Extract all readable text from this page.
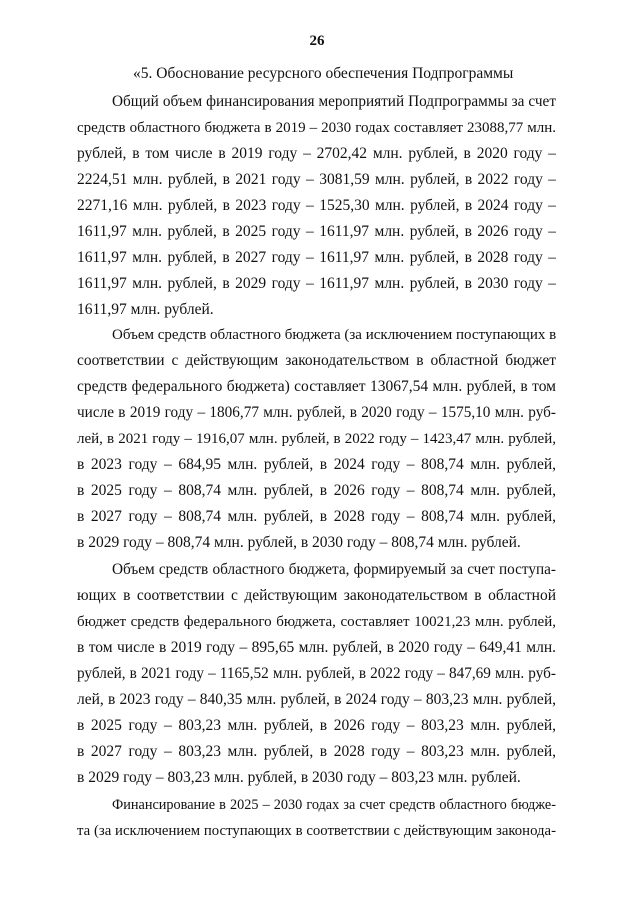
26
«5. Обоснование ресурсного обеспечения Подпрограммы
Общий объем финансирования мероприятий Подпрограммы за счет
средств областного бюджета в 2019 – 2030 годах составляет 23088,77 млн.
рублей, в том числе в 2019 году – 2702,42 млн. рублей, в 2020 году –
2224,51 млн. рублей, в 2021 году – 3081,59 млн. рублей, в 2022 году –
2271,16 млн. рублей, в 2023 году – 1525,30 млн. рублей, в 2024 году –
1611,97 млн. рублей, в 2025 году – 1611,97 млн. рублей, в 2026 году –
1611,97 млн. рублей, в 2027 году – 1611,97 млн. рублей, в 2028 году –
1611,97 млн. рублей, в 2029 году – 1611,97 млн. рублей, в 2030 году –
1611,97 млн. рублей.
Объем средств областного бюджета (за исключением поступающих в
соответствии с действующим законодательством в областной бюджет
средств федерального бюджета) составляет 13067,54 млн. рублей, в том
числе в 2019 году – 1806,77 млн. рублей, в 2020 году – 1575,10 млн. руб-
лей, в 2021 году – 1916,07 млн. рублей, в 2022 году – 1423,47 млн. рублей,
в 2023 году – 684,95 млн. рублей, в 2024 году – 808,74 млн. рублей,
в 2025 году – 808,74 млн. рублей, в 2026 году – 808,74 млн. рублей,
в 2027 году – 808,74 млн. рублей, в 2028 году – 808,74 млн. рублей,
в 2029 году – 808,74 млн. рублей, в 2030 году – 808,74 млн. рублей.
Объем средств областного бюджета, формируемый за счет поступа-
ющих в соответствии с действующим законодательством в областной
бюджет средств федерального бюджета, составляет 10021,23 млн. рублей,
в том числе в 2019 году – 895,65 млн. рублей, в 2020 году – 649,41 млн.
рублей, в 2021 году – 1165,52 млн. рублей, в 2022 году – 847,69 млн. руб-
лей, в 2023 году – 840,35 млн. рублей, в 2024 году – 803,23 млн. рублей,
в 2025 году – 803,23 млн. рублей, в 2026 году – 803,23 млн. рублей,
в 2027 году – 803,23 млн. рублей, в 2028 году – 803,23 млн. рублей,
в 2029 году – 803,23 млн. рублей, в 2030 году – 803,23 млн. рублей.
Финансирование в 2025 – 2030 годах за счет средств областного бюдже-
та (за исключением поступающих в соответствии с действующим законода-
